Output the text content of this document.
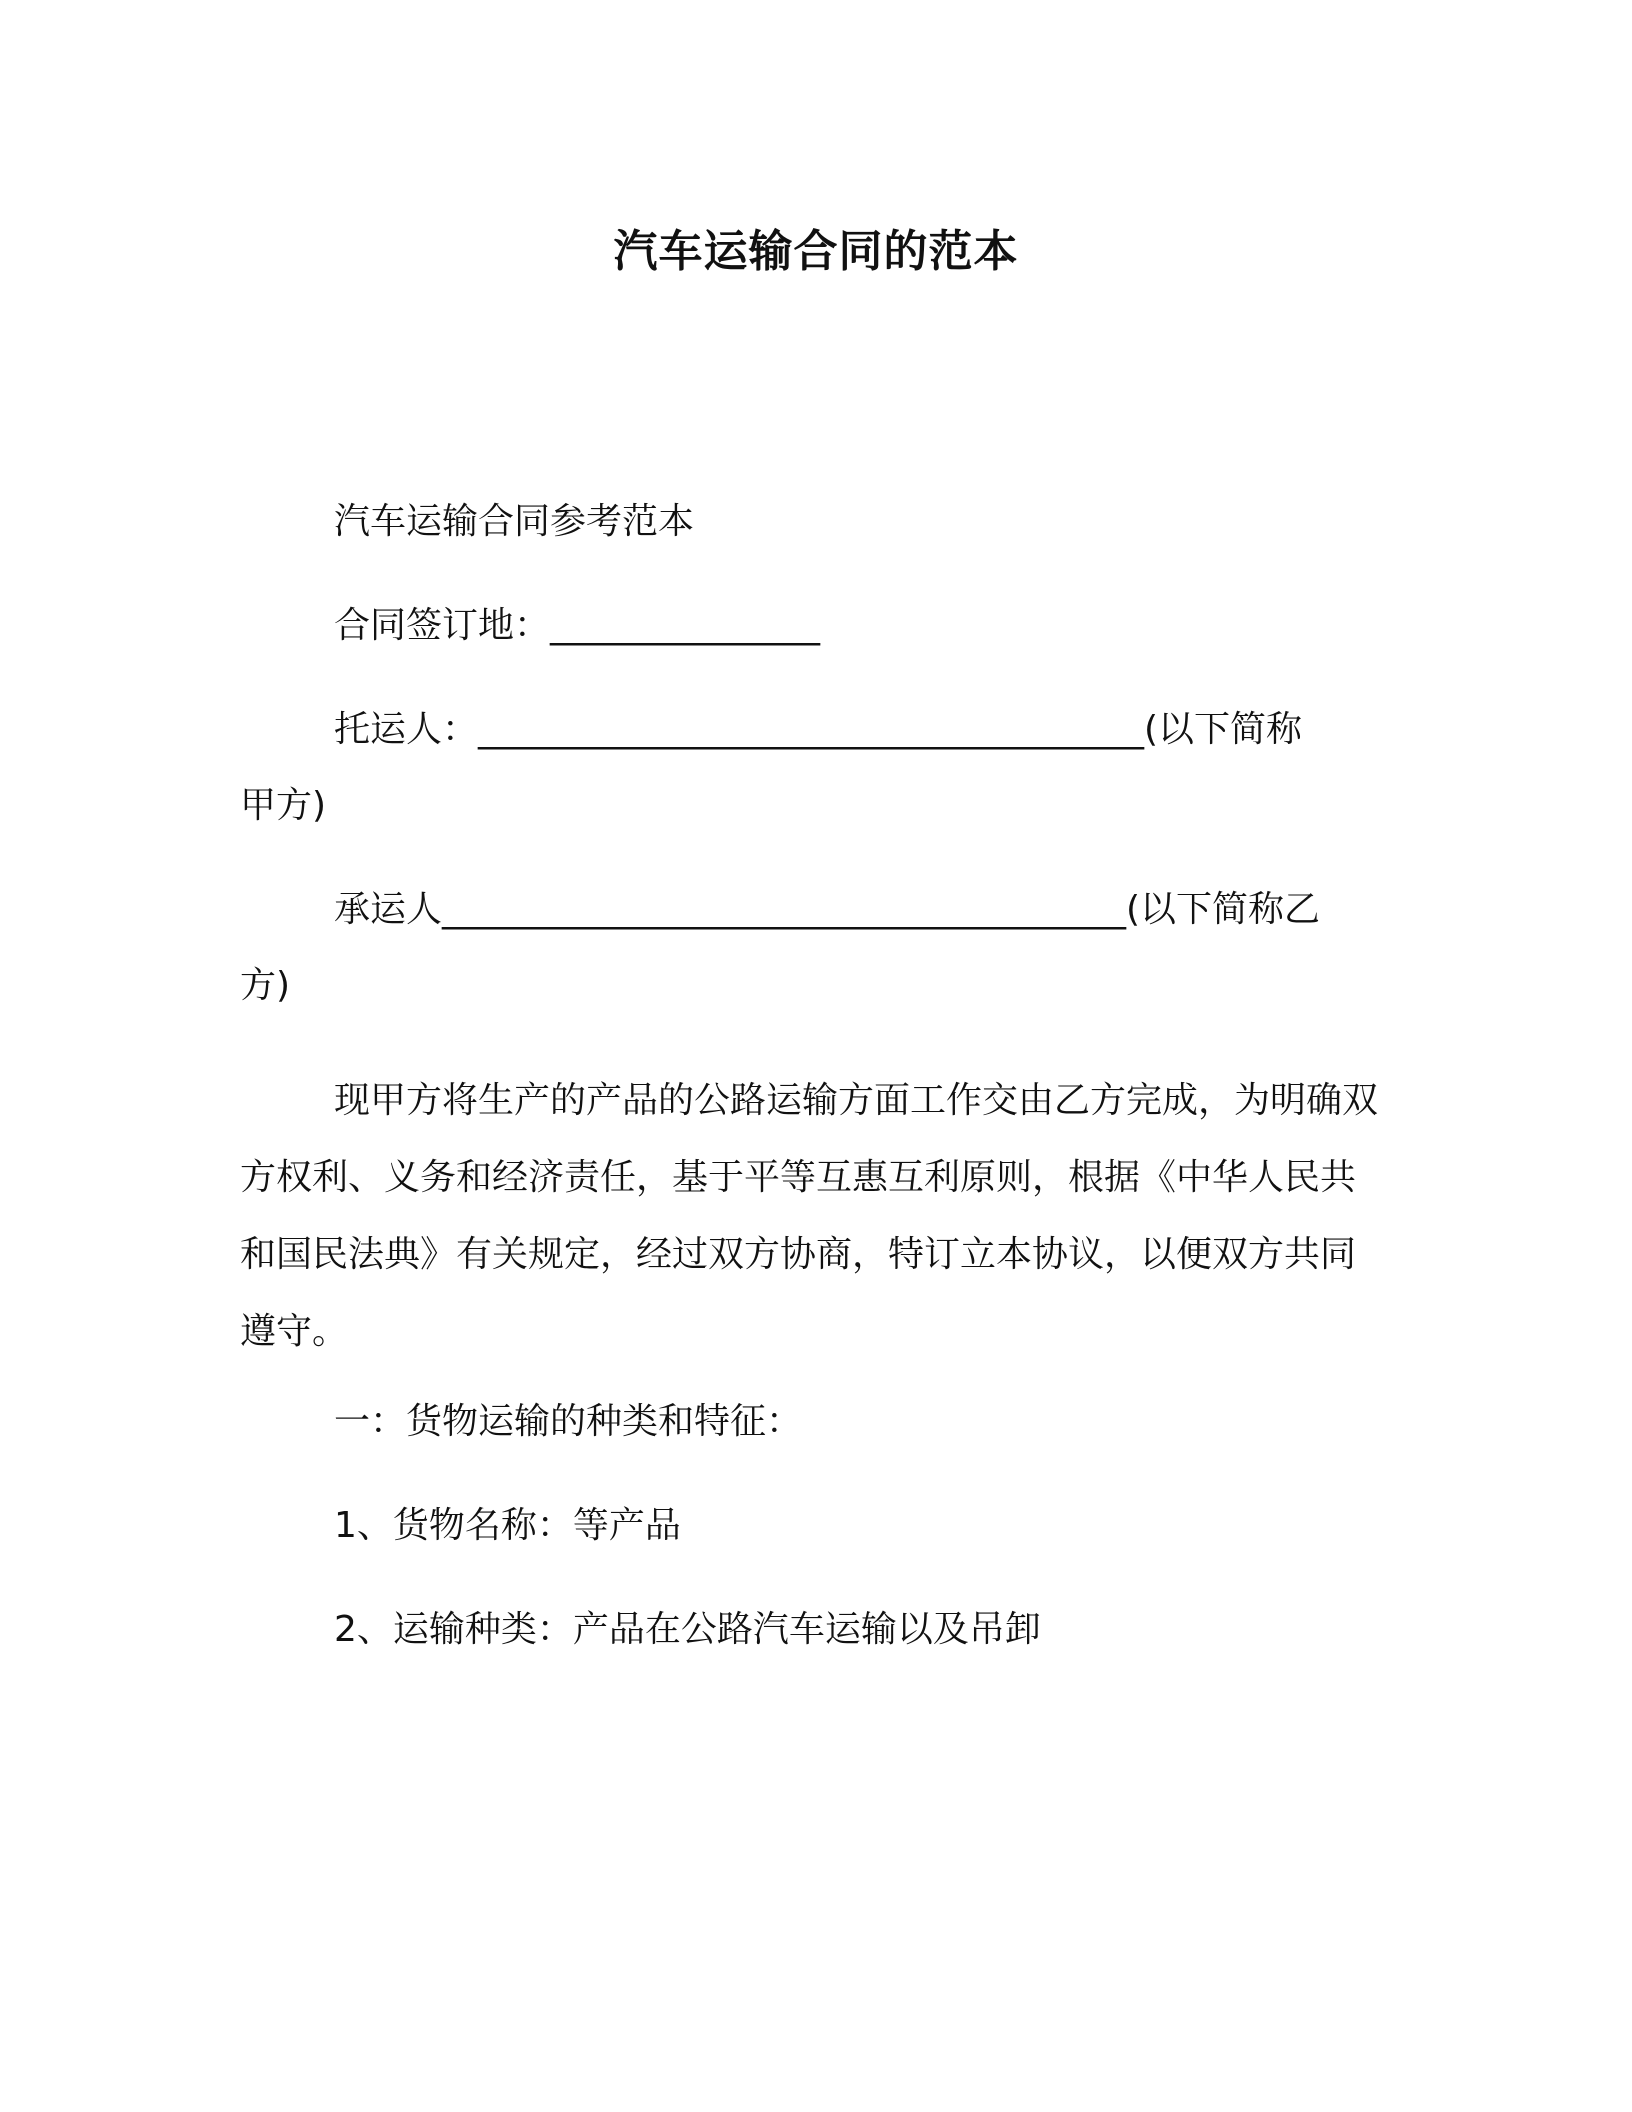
汽车运输合同的范本
汽车运输合同参考范本
合同签订地：_______________
托运人：_____________________________________(以下简称
甲方)
承运人______________________________________(以下简称乙
方)
现甲方将生产的产品的公路运输方面工作交由乙方完成，为明确双方权利、义务和经济责任，基于平等互惠互利原则，根据《中华人民共和国民法典》有关规定，经过双方协商，特订立本协议，以便双方共同遵守。
一：货物运输的种类和特征：
1、货物名称：等产品
2、运输种类：产品在公路汽车运输以及吊卸
